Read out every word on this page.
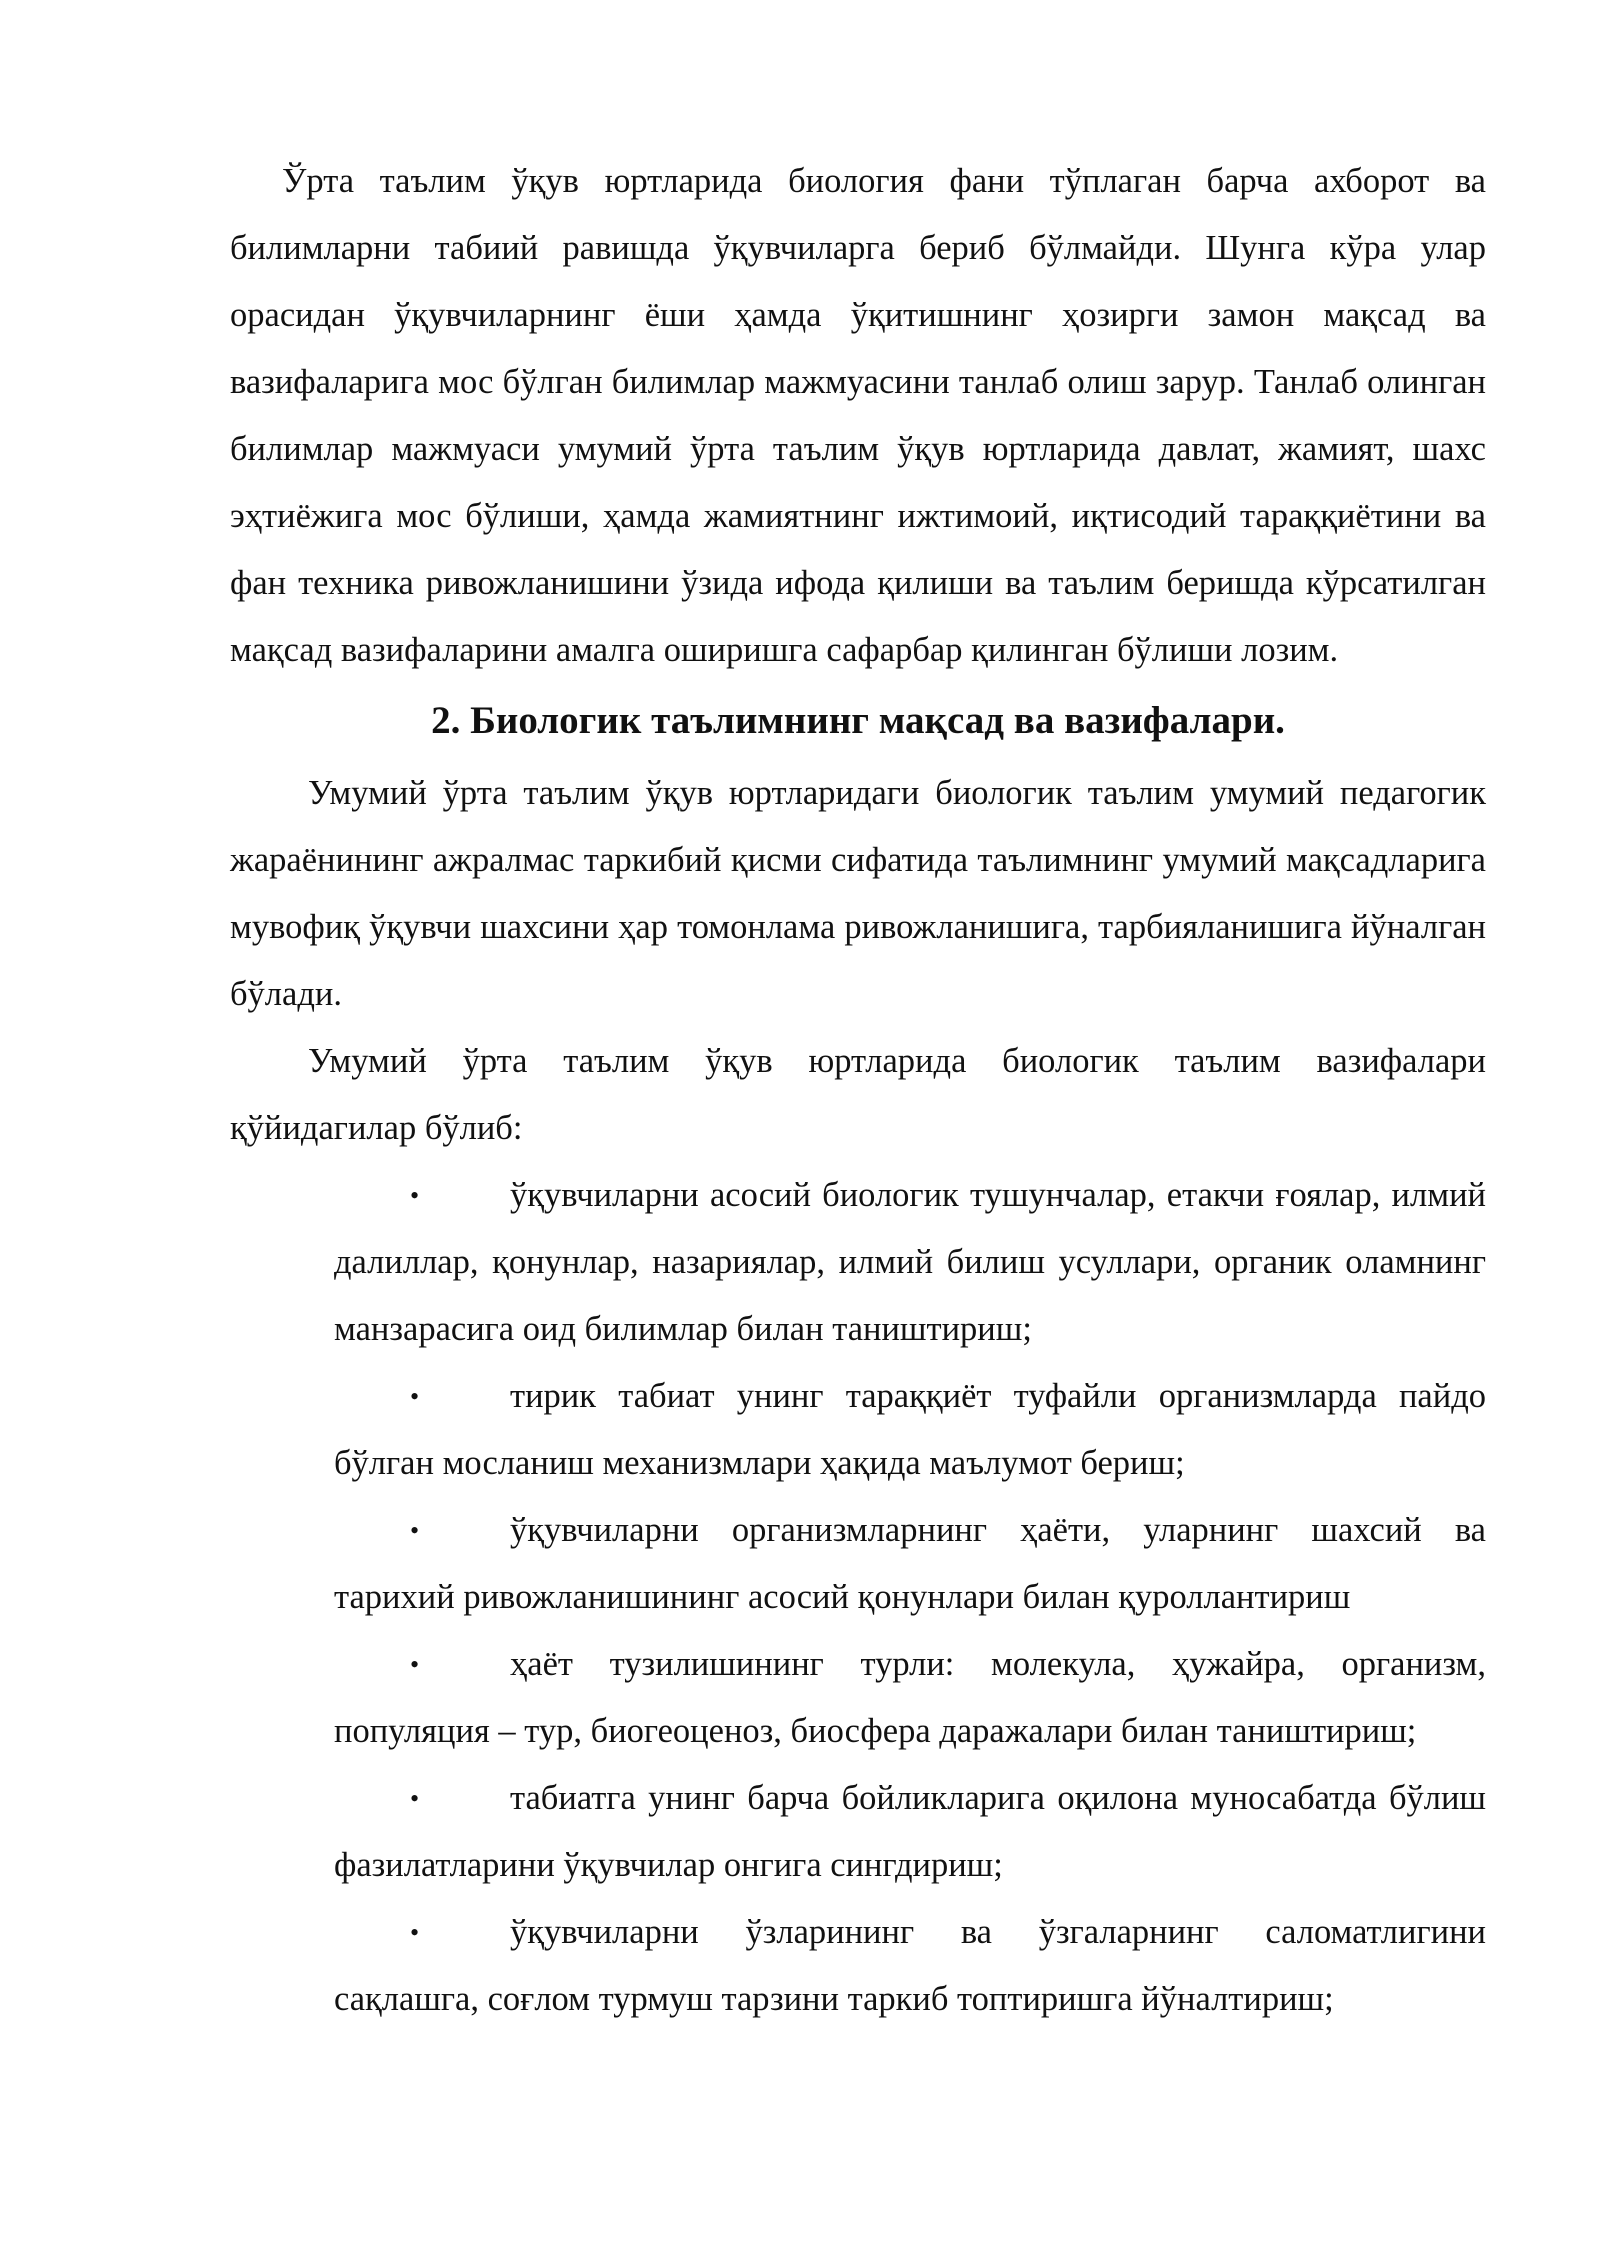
Ўрта таълим ўқув юртларида биология фани тўплаган барча ахборот ва билимларни табиий равишда ўқувчиларга бериб бўлмайди. Шунга кўра улар орасидан ўқувчиларнинг ёши ҳамда ўқитишнинг ҳозирги замон мақсад ва вазифаларига мос бўлган билимлар мажмуасини танлаб олиш зарур. Танлаб олинган билимлар мажмуаси умумий ўрта таълим ўқув юртларида давлат, жамият, шахс эҳтиёжига мос бўлиши, ҳамда жамиятнинг ижтимоий, иқтисодий тараққиётини ва фан техника ривожланишини ўзида ифода қилиши ва таълим беришда кўрсатилган мақсад вазифаларини амалга оширишга сафарбар қилинган бўлиши лозим.

2. Биологик таълимнинг мақсад ва вазифалари.

Умумий ўрта таълим ўқув юртларидаги биологик таълим умумий педагогик жараёнининг ажралмас таркибий қисми сифатида таълимнинг умумий мақсадларига мувофиқ ўқувчи шахсини ҳар томонлама ривожланишига, тарбияланишига йўналган бўлади.

Умумий ўрта таълим ўқув юртларида биологик таълим вазифалари қўйидагилар бўлиб:

•	ўқувчиларни асосий биологик тушунчалар, етакчи ғоялар, илмий далиллар, қонунлар, назариялар, илмий билиш усуллари, органик оламнинг манзарасига оид билимлар билан таништириш;
•	тирик табиат унинг тараққиёт туфайли организмларда пайдо бўлган мосланиш механизмлари ҳақида маълумот бериш;
•	ўқувчиларни организмларнинг ҳаёти, уларнинг шахсий ва тарихий ривожланишининг асосий қонунлари билан қуроллантириш
•	ҳаёт тузилишининг турли: молекула, ҳужайра, организм, популяция – тур, биогеоценоз, биосфера даражалари билан таништириш;
•	табиатга унинг барча бойликларига оқилона муносабатда бўлиш фазилатларини ўқувчилар онгига сингдириш;
•	ўқувчиларни ўзларининг ва ўзгаларнинг саломатлигини сақлашга, соғлом турмуш тарзини таркиб топтиришга йўналтириш;
